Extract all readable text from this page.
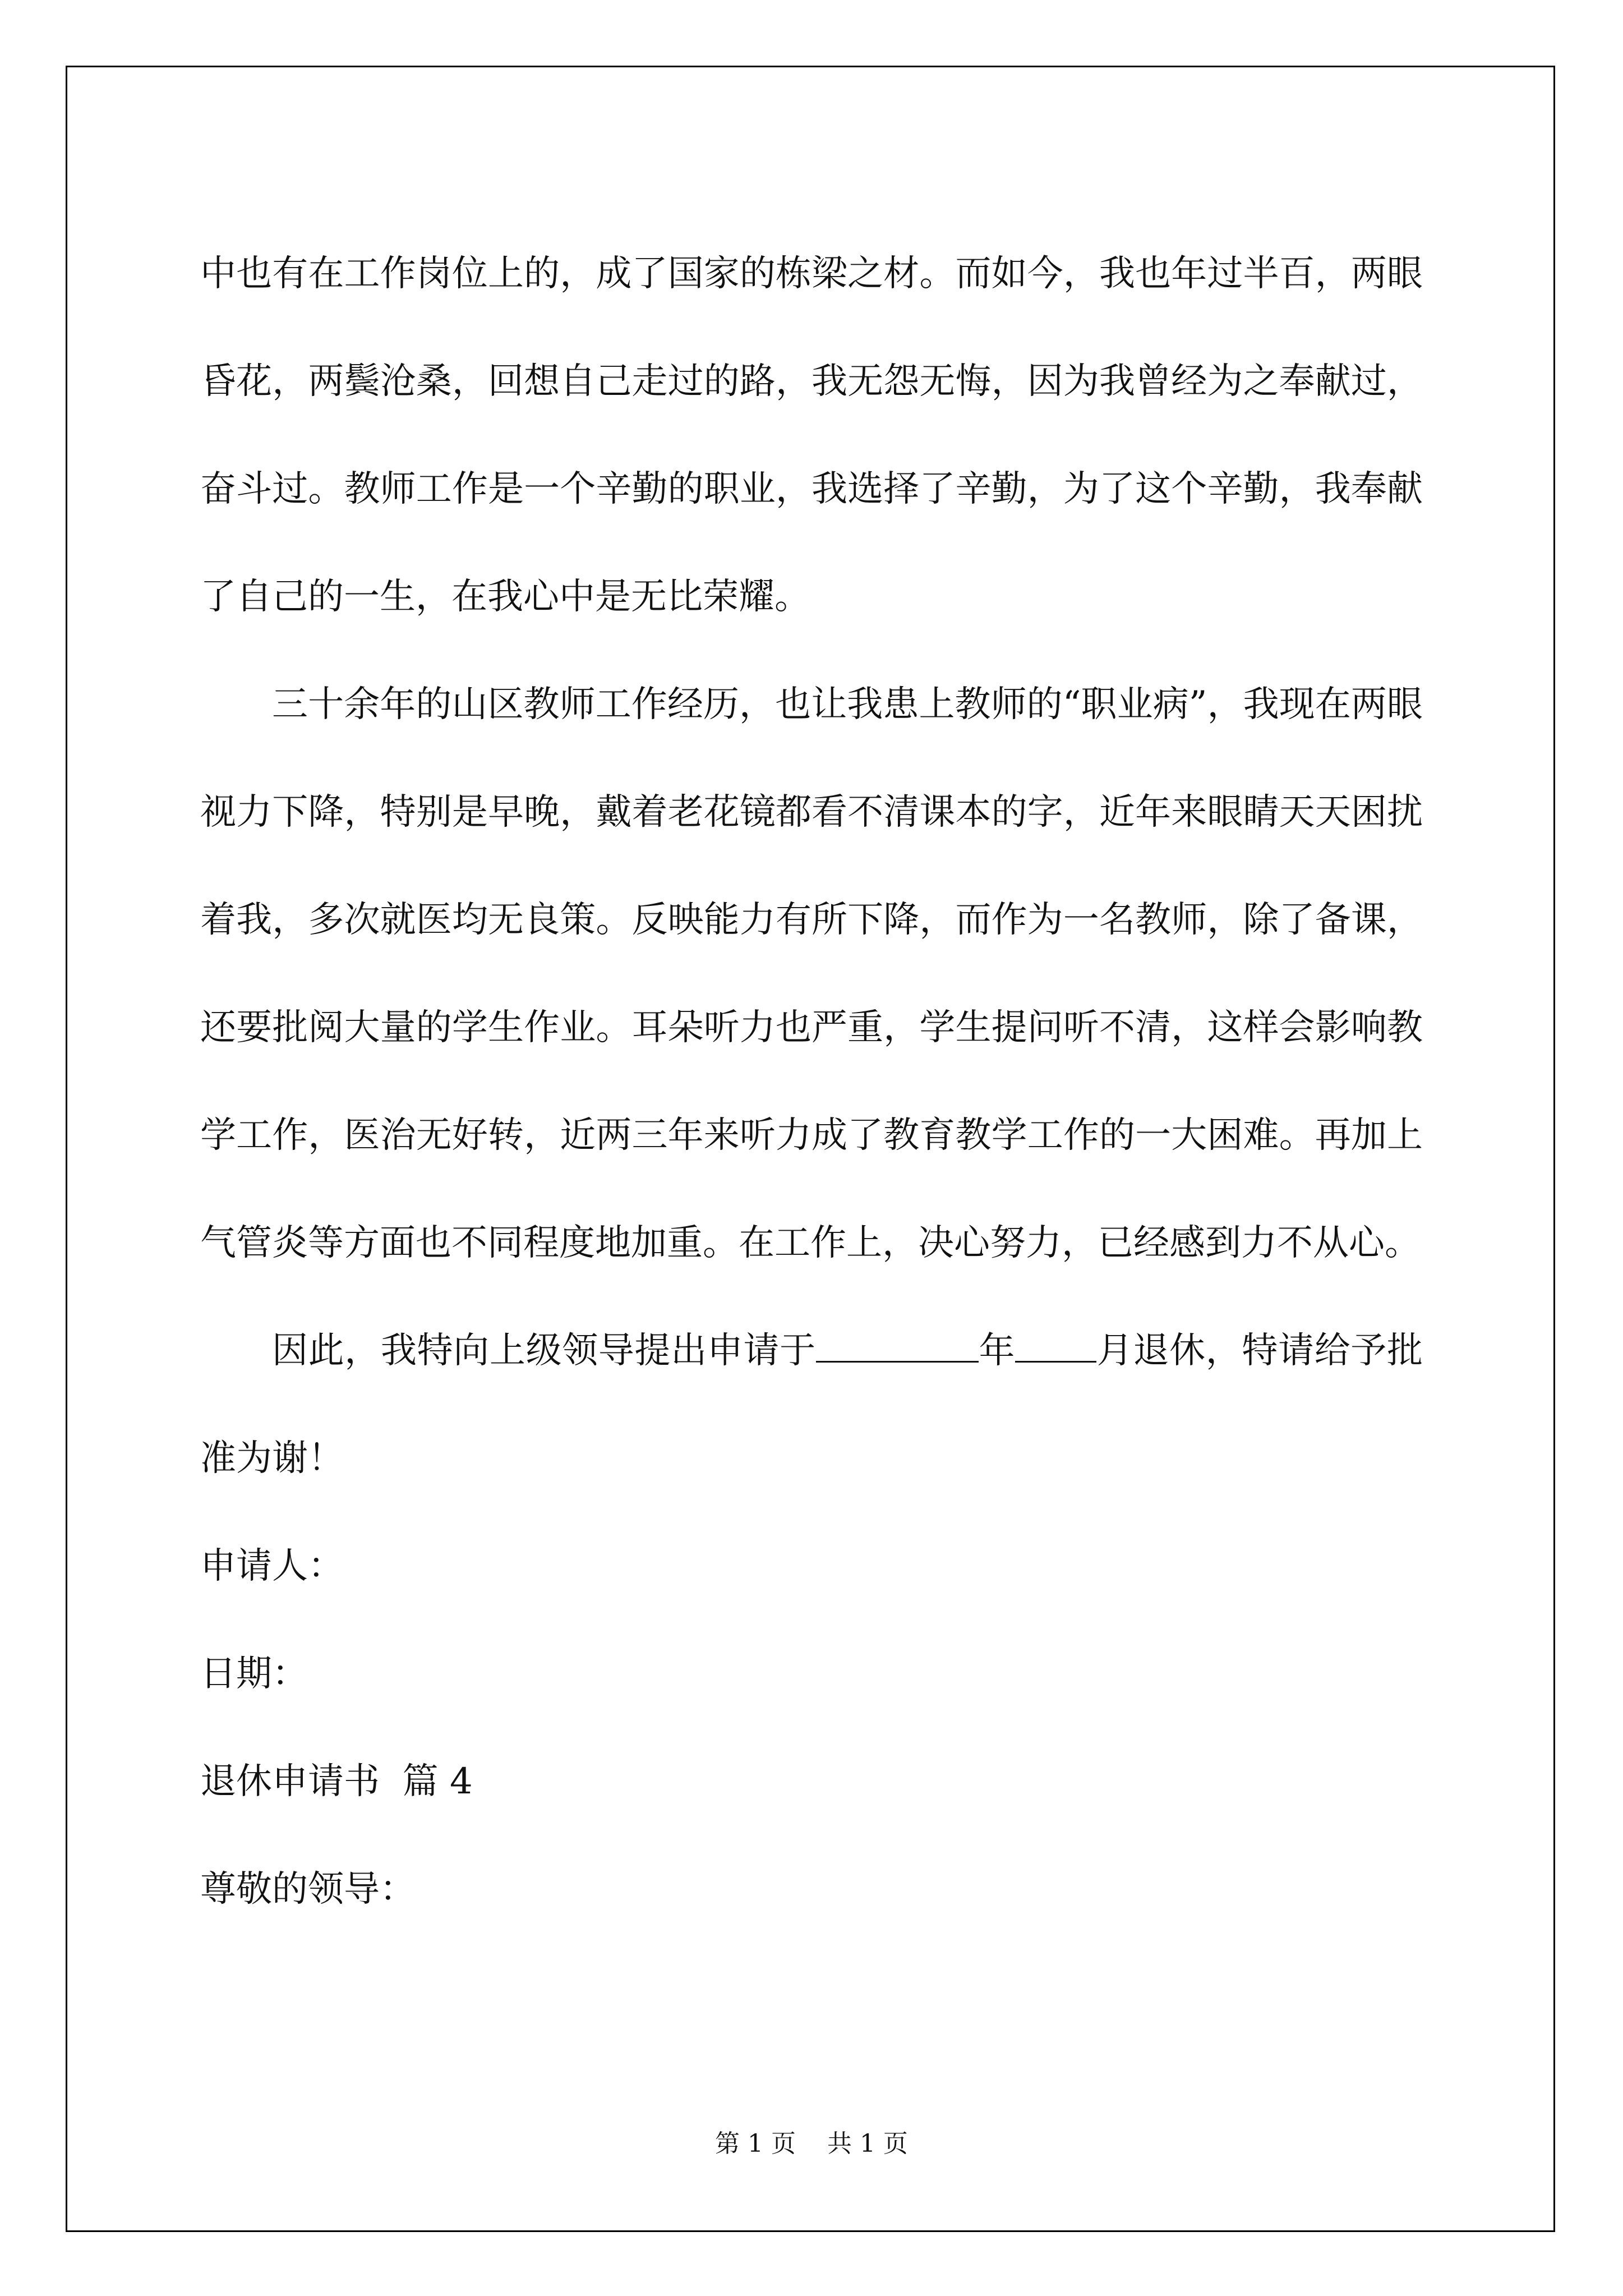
中也有在工作岗位上的，成了国家的栋梁之材。而如今，我也年过半百，两眼昏花，两鬓沧桑，回想自己走过的路，我无怨无悔，因为我曾经为之奉献过，奋斗过。教师工作是一个辛勤的职业，我选择了辛勤，为了这个辛勤，我奉献了自己的一生，在我心中是无比荣耀。

三十余年的山区教师工作经历，也让我患上教师的“职业病”，我现在两眼视力下降，特别是早晚，戴着老花镜都看不清课本的字，近年来眼睛天天困扰着我，多次就医均无良策。反映能力有所下降，而作为一名教师，除了备课，还要批阅大量的学生作业。耳朵听力也严重，学生提问听不清，这样会影响教学工作，医治无好转，近两三年来听力成了教育教学工作的一大困难。再加上气管炎等方面也不同程度地加重。在工作上，决心努力，已经感到力不从心。

因此，我特向上级领导提出申请于	年 月退休，特请给予批准为谢！

申请人：

日期：

退休申请书  篇 4

尊敬的领导：

第 1 页    共 1 页
